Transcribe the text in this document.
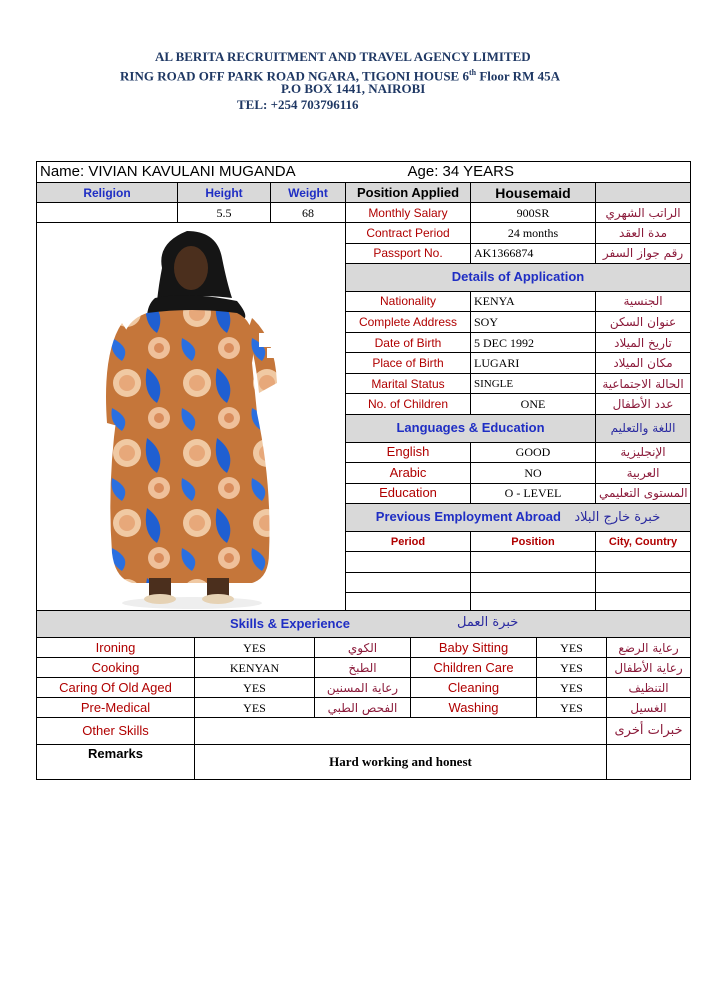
AL BERITA RECRUITMENT AND TRAVEL AGENCY LIMITED
RING ROAD OFF PARK ROAD NGARA, TIGONI HOUSE 6th Floor RM 45A
P.O BOX 1441, NAIROBI
TEL: +254 703796116
Name: VIVIAN KAVULANI MUGANDA Age: 34 YEARS					

Religion	Height	Weight	Position Applied	Housemaid	
	5.5	68	Monthly Salary	900SR	الراتب الشهري

	Contract Period	24 months	مدة العقد
			Passport No.	AK1366874	رقم جواز السفر
			Details of Application		
			Nationality	KENYA	الجنسية
			Complete Address	SOY	عنوان السكن
			Date of Birth	5 DEC 1992	تاريخ الميلاد
			Place of Birth	LUGARI	مكان الميلاد
			Marital Status	SINGLE	الحالة الاجتماعية
			No. of Children	ONE	عدد الأطفال
			Languages & Education		اللغة والتعليم
			English	GOOD	الإنجليزية
			Arabic	NO	العربية
			Education	O - LEVEL	المستوى التعليمي
			Previous Employment Abroad خبرة خارج البلاد		
			Period	Position	City, Country

Skills & Experience خبرة العمل					

Ironing	YES	الكوي	Baby Sitting	YES	رعاية الرضع
Cooking	KENYAN	الطبخ	Children Care	YES	رعاية الأطفال
Caring Of Old Aged	YES	رعاية المسنين	Cleaning	YES	التنظيف
Pre-Medical	YES	الفحص الطبي	Washing	YES	الغسيل
Other Skills					خبرات أخرى
Remarks	Hard working and honest				
